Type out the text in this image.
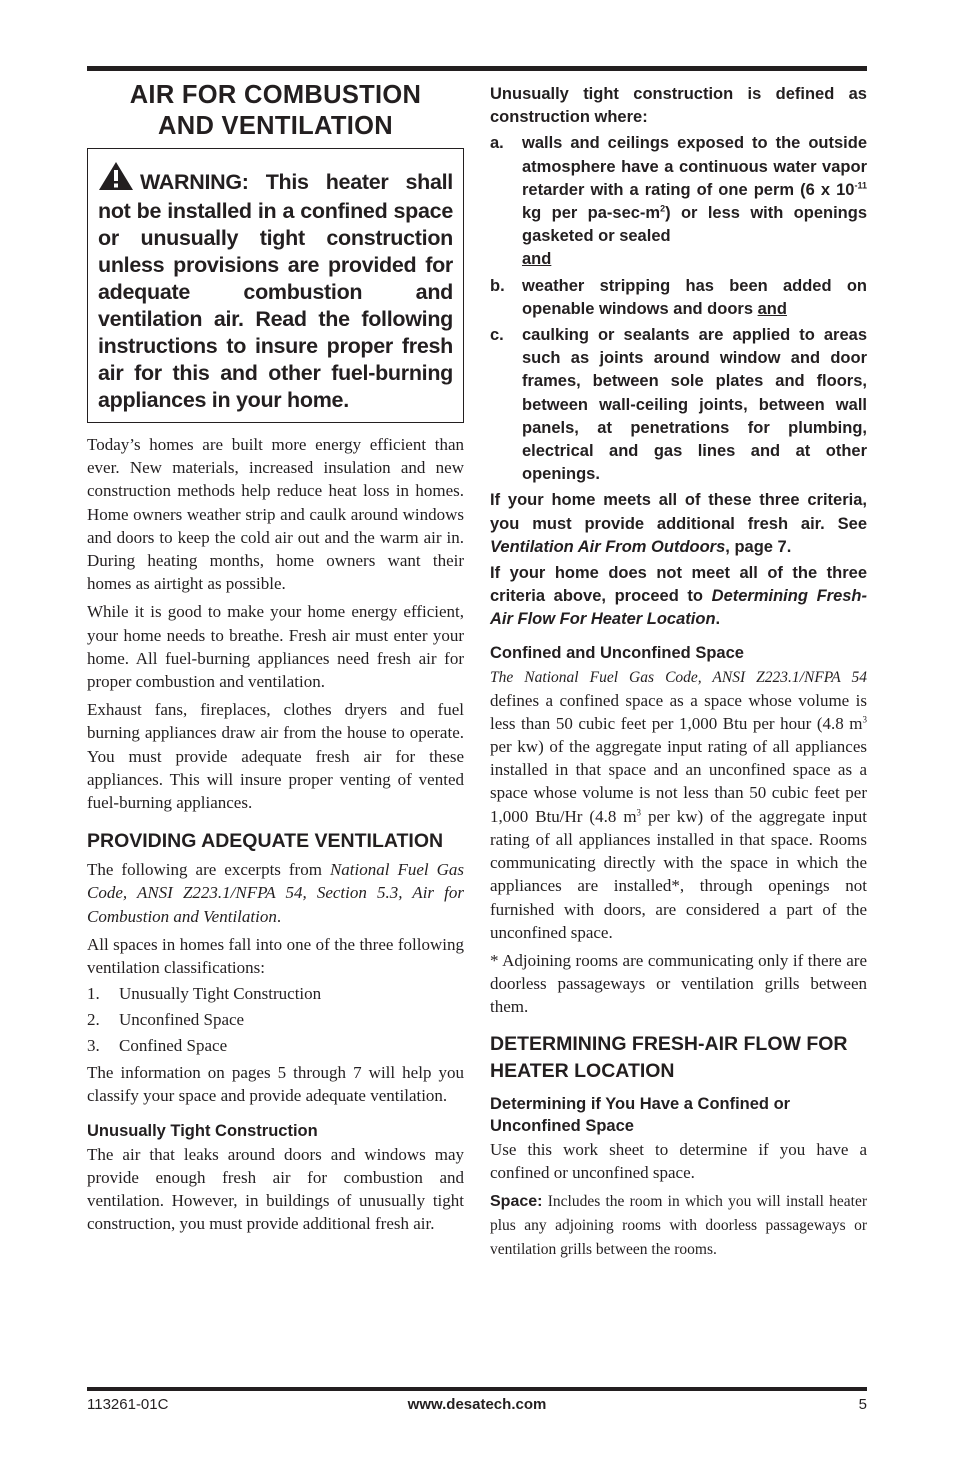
AIR FOR COMBUSTION
AND VENTILATION
WARNING: This heater shall not be installed in a confined space or unusually tight construction unless provisions are provided for adequate combustion and ventilation air. Read the following instructions to insure proper fresh air for this and other fuel-burning appliances in your home.

Today’s homes are built more energy efficient than ever. New materials, increased insulation and new construction methods help reduce heat loss in homes. Home owners weather strip and caulk around windows and doors to keep the cold air out and the warm air in. During heating months, home owners want their homes as airtight as possible.

While it is good to make your home energy efficient, your home needs to breathe. Fresh air must enter your home. All fuel-burning appliances need fresh air for proper combustion and ventilation.

Exhaust fans, fireplaces, clothes dryers and fuel burning appliances draw air from the house to operate. You must provide adequate fresh air for these appliances. This will insure proper venting of vented fuel-burning appliances.

PROVIDING ADEQUATE VENTILATION

The following are excerpts from National Fuel Gas Code, ANSI Z223.1/NFPA 54, Section 5.3, Air for Combustion and Ventilation.

All spaces in homes fall into one of the three following ventilation classifications:

1.	Unusually Tight Construction
2.	Unconfined Space
3.	Confined Space

The information on pages 5 through 7 will help you classify your space and provide adequate ventilation.

Unusually Tight Construction

The air that leaks around doors and windows may provide enough fresh air for combustion and ventilation. However, in buildings of unusually tight construction, you must provide additional fresh air.

Unusually tight construction is defined as construction where:

a.	walls and ceilings exposed to the outside atmosphere have a continuous water vapor retarder with a rating of one perm (6 x $10^{-11}$ kg per $pa-\sec-m^2$) or less with openings gasketed or sealed
and
b.	weather stripping has been added on openable windows and doors and
c.	caulking or sealants are applied to areas such as joints around window and door frames, between sole plates and floors, between wall-ceiling joints, between wall panels, at penetrations for plumbing, electrical and gas lines and at other openings.

If your home meets all of these three criteria, you must provide additional fresh air. See Ventilation Air From Outdoors, page 7.

If your home does not meet all of the three criteria above, proceed to Determining Fresh-Air Flow For Heater Location.

Confined and Unconfined Space

The National Fuel Gas Code, ANSI Z223.1/NFPA 54 defines a confined space as a space whose volume is less than 50 cubic feet per 1,000 Btu per hour (4.8 $m^3$ per kw) of the aggregate input rating of all appliances installed in that space and an unconfined space as a space whose volume is not less than 50 cubic feet per 1,000 Btu/Hr (4.8 $m^3$ per kw) of the aggregate input rating of all appliances installed in that space. Rooms communicating directly with the space in which the appliances are installed*, through openings not furnished with doors, are considered a part of the unconfined space.

* Adjoining rooms are communicating only if there are doorless passageways or ventilation grills between them.

DETERMINING FRESH-AIR FLOW FOR HEATER LOCATION
Determining if You Have a Confined or Unconfined Space

Use this work sheet to determine if you have a confined or unconfined space.

Space: Includes the room in which you will install heater plus any adjoining rooms with doorless passageways or ventilation grills between the rooms.

113261-01C	www.desatech.com	5
